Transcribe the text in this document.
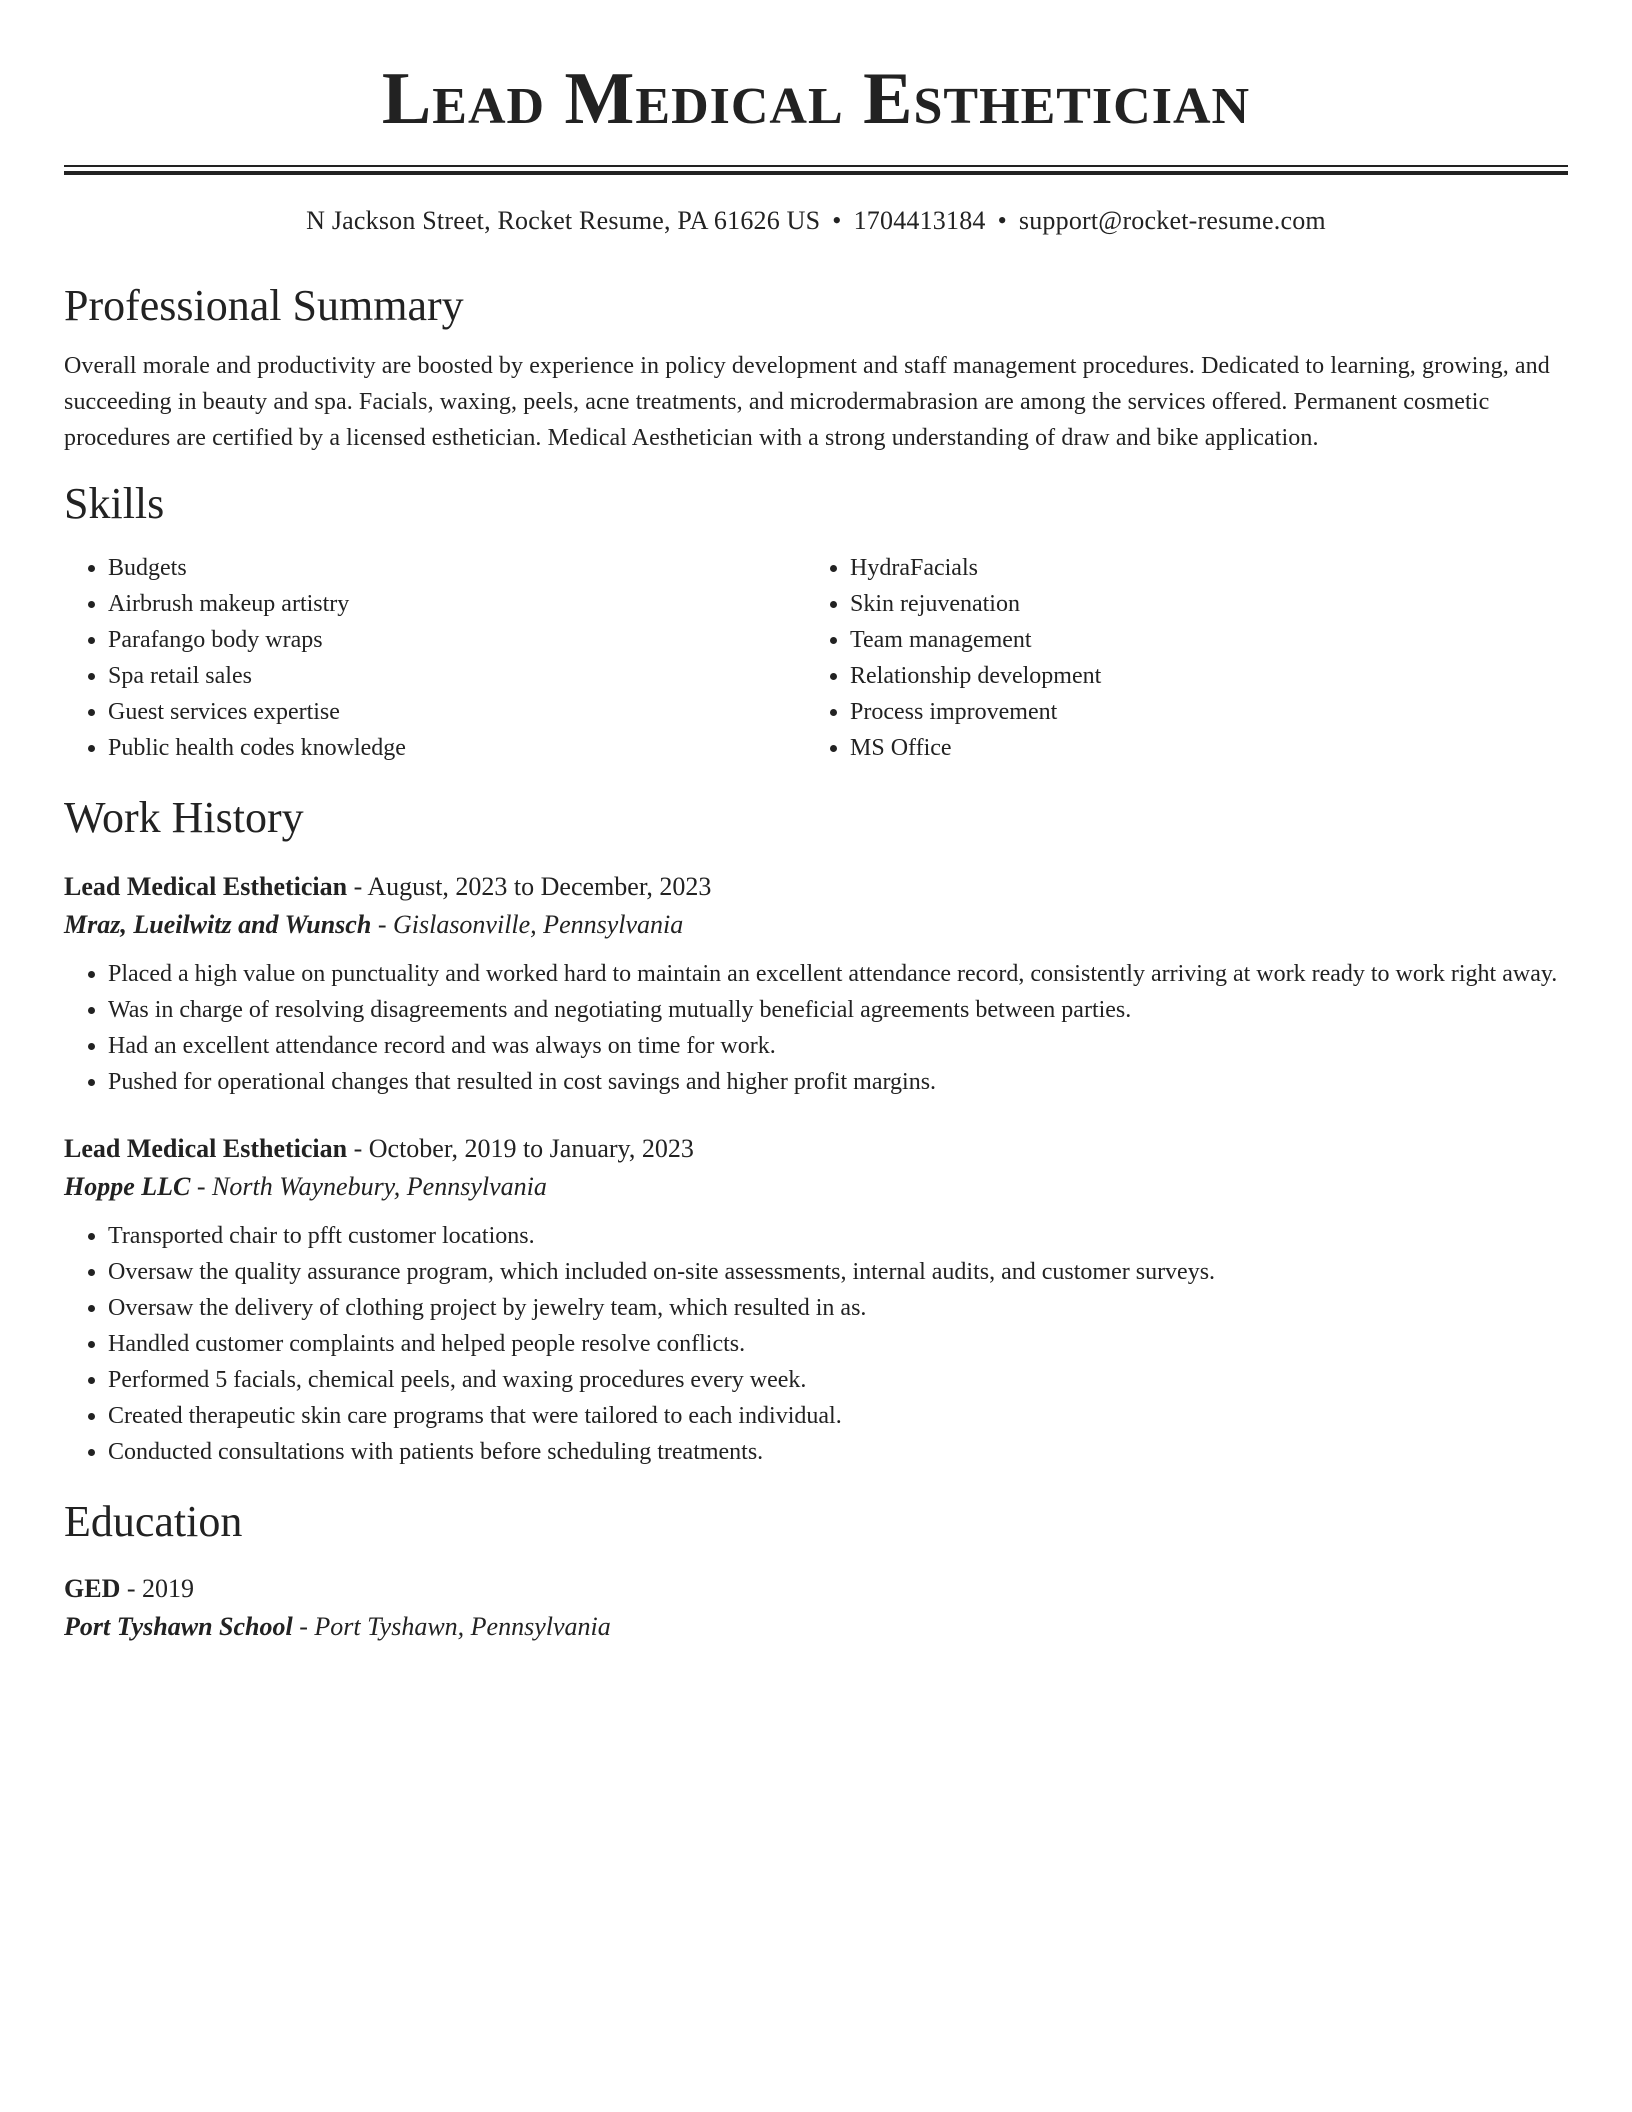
Lead Medical Esthetician
N Jackson Street, Rocket Resume, PA 61626 US • 1704413184 • support@rocket-resume.com
Professional Summary

Overall morale and productivity are boosted by experience in policy development and staff management procedures. Dedicated to learning, growing, and succeeding in beauty and spa. Facials, waxing, peels, acne treatments, and microdermabrasion are among the services offered. Permanent cosmetic procedures are certified by a licensed esthetician. Medical Aesthetician with a strong understanding of draw and bike application.

Skills
• Budgets
• Airbrush makeup artistry
• Parafango body wraps
• Spa retail sales
• Guest services expertise
• Public health codes knowledge
• HydraFacials
• Skin rejuvenation
• Team management
• Relationship development
• Process improvement
• MS Office
Work History
Lead Medical Esthetician - August, 2023 to December, 2023
Mraz, Lueilwitz and Wunsch - Gislasonville, Pennsylvania
• Placed a high value on punctuality and worked hard to maintain an excellent attendance record, consistently arriving at work ready to work right away.
• Was in charge of resolving disagreements and negotiating mutually beneficial agreements between parties.
• Had an excellent attendance record and was always on time for work.
• Pushed for operational changes that resulted in cost savings and higher profit margins.
Lead Medical Esthetician - October, 2019 to January, 2023
Hoppe LLC - North Waynebury, Pennsylvania
• Transported chair to pfft customer locations.
• Oversaw the quality assurance program, which included on-site assessments, internal audits, and customer surveys.
• Oversaw the delivery of clothing project by jewelry team, which resulted in as.
• Handled customer complaints and helped people resolve conflicts.
• Performed 5 facials, chemical peels, and waxing procedures every week.
• Created therapeutic skin care programs that were tailored to each individual.
• Conducted consultations with patients before scheduling treatments.
Education
GED - 2019
Port Tyshawn School - Port Tyshawn, Pennsylvania
